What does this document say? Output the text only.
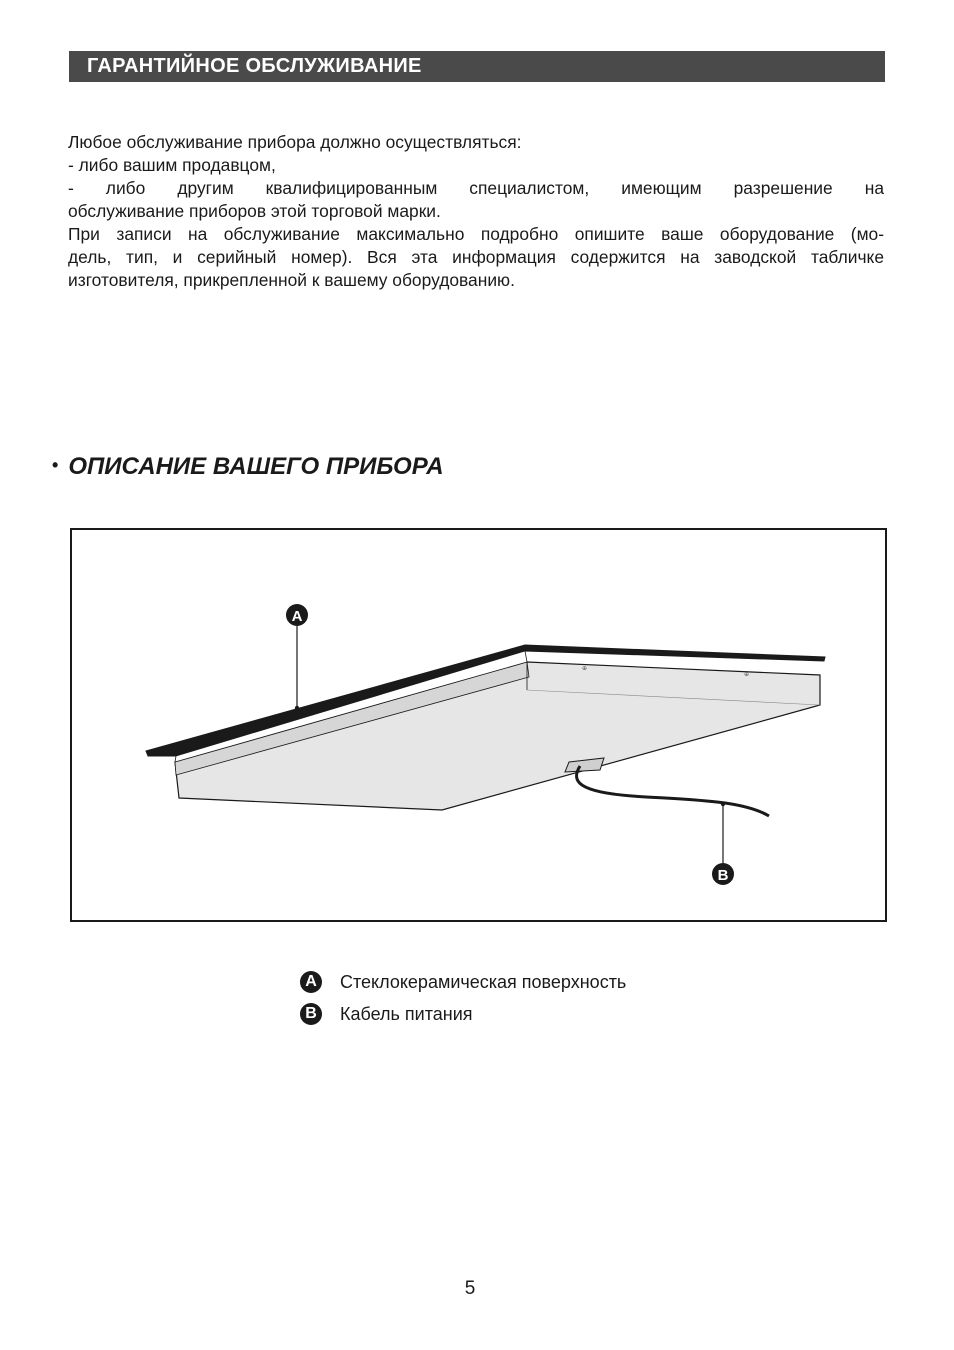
ГАРАНТИЙНОЕ ОБСЛУЖИВАНИЕ

Любое обслуживание прибора должно осуществляться:

- либо вашим продавцом,

- либо другим квалифицированным специалистом, имеющим разрешение на

обслуживание приборов этой торговой марки.

При записи на обслуживание максимально подробно опишите ваше оборудование (мо-

дель, тип, и серийный номер). Вся эта информация содержится на заводской табличке

изготовителя, прикрепленной к вашему оборудованию.

• ОПИСАНИЕ ВАШЕГО ПРИБОРА
⊕
⊕
A
B
A Стеклокерамическая поверхность
B Кабель питания
5
